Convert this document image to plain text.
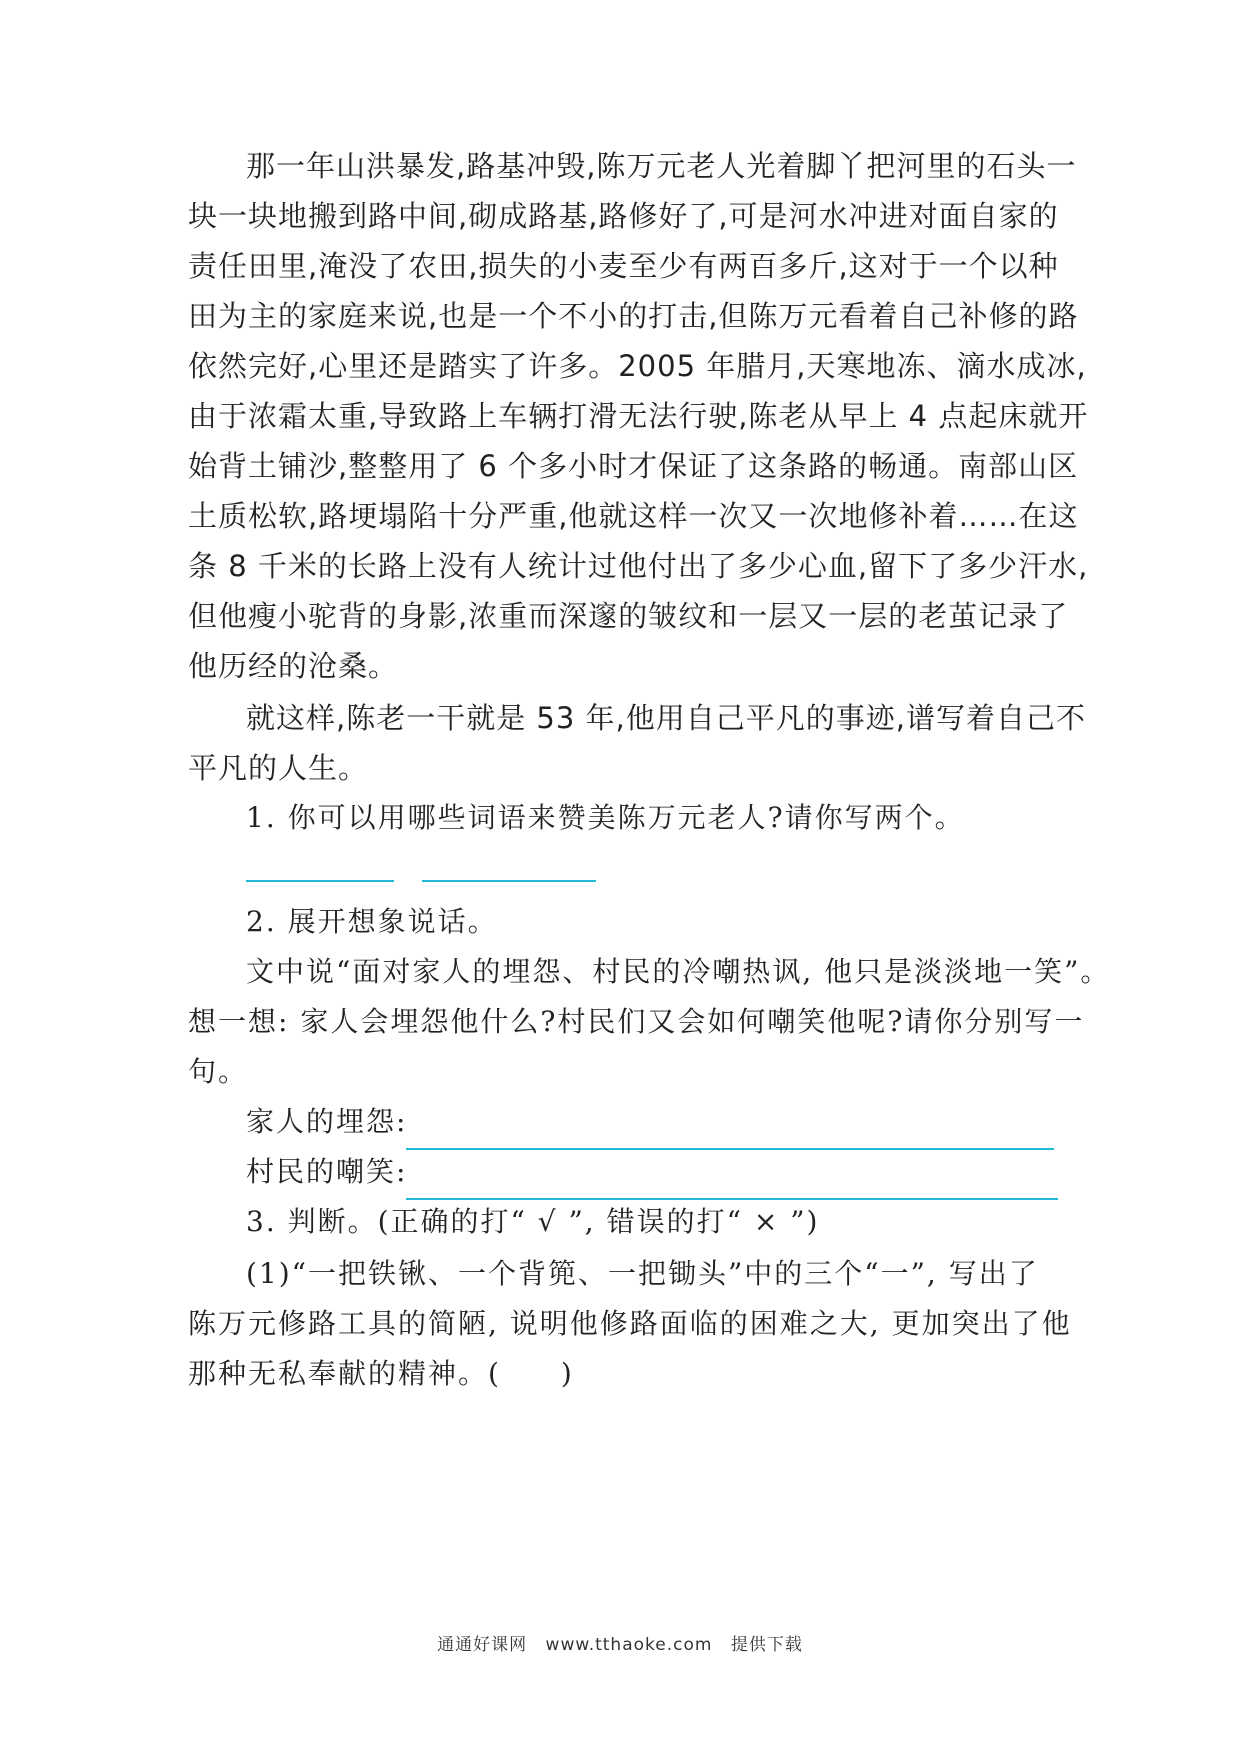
那一年山洪暴发,路基冲毁,陈万元老人光着脚丫把河里的石头一
块一块地搬到路中间,砌成路基,路修好了,可是河水冲进对面自家的
责任田里,淹没了农田,损失的小麦至少有两百多斤,这对于一个以种
田为主的家庭来说,也是一个不小的打击,但陈万元看着自己补修的路
依然完好,心里还是踏实了许多。2005 年腊月,天寒地冻、滴水成冰,
由于浓霜太重,导致路上车辆打滑无法行驶,陈老从早上 4 点起床就开
始背土铺沙,整整用了 6 个多小时才保证了这条路的畅通。南部山区
土质松软,路埂塌陷十分严重,他就这样一次又一次地修补着……在这
条 8 千米的长路上没有人统计过他付出了多少心血,留下了多少汗水,
但他瘦小驼背的身影,浓重而深邃的皱纹和一层又一层的老茧记录了
他历经的沧桑。
就这样,陈老一干就是 53 年,他用自己平凡的事迹,谱写着自己不
平凡的人生。
1. 你可以用哪些词语来赞美陈万元老人?请你写两个。
2. 展开想象说话。
文中说“面对家人的埋怨、村民的冷嘲热讽, 他只是淡淡地一笑”。
想一想: 家人会埋怨他什么?村民们又会如何嘲笑他呢?请你分别写一
句。
家人的埋怨:
村民的嘲笑:
3. 判断。(正确的打“ √ ”, 错误的打“ × ”)
(1)“一把铁锹、一个背篼、一把锄头”中的三个“一”, 写出了
陈万元修路工具的简陋, 说明他修路面临的困难之大, 更加突出了他
那种无私奉献的精神。(　　)
通通好课网 www.tthaoke.com 提供下载
